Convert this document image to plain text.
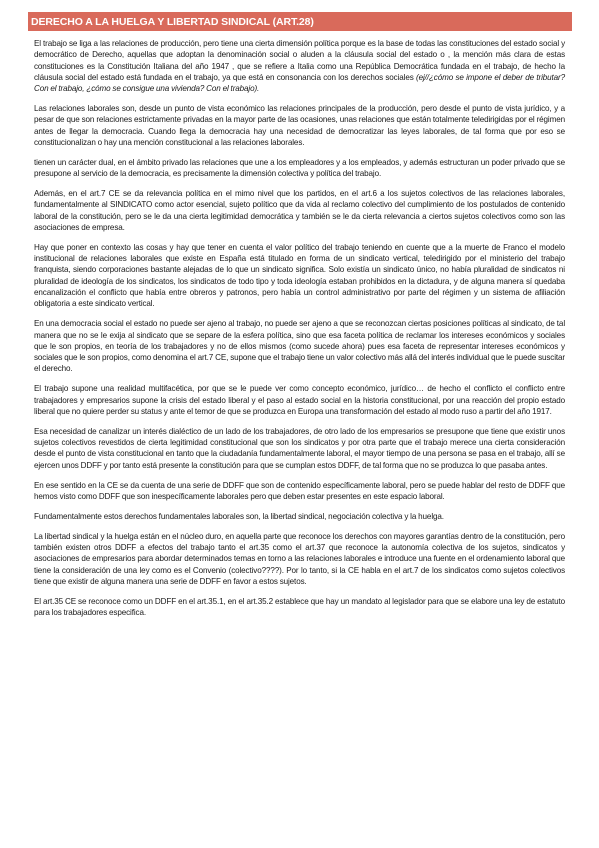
DERECHO A LA HUELGA Y LIBERTAD SINDICAL (ART.28)

El trabajo se liga a las relaciones de producción, pero tiene una cierta dimensión política porque es la base de todas las constituciones del estado social y democrático de Derecho, aquellas que adoptan la denominación social o aluden a la cláusula social del estado o , la mención más clara de estas constituciones es la Constitución Italiana del año 1947 , que se refiere a Italia como una República Democrática fundada en el trabajo, de hecho la cláusula social del estado está fundada en el trabajo, ya que está en consonancia con los derechos sociales (ej//¿cómo se impone el deber de tributar? Con el trabajo, ¿cómo se consigue una vivienda? Con el trabajo).

Las relaciones laborales son, desde un punto de vista económico las relaciones principales de la producción, pero desde el punto de vista jurídico, y a pesar de que son relaciones estrictamente privadas en la mayor parte de las ocasiones, unas relaciones que están totalmente teledirigidas por el régimen antes de llegar la democracia. Cuando llega la democracia hay una necesidad de democratizar las leyes laborales, de tal forma que por eso se constitucionalizan o hay una mención constitucional a las relaciones laborales.

tienen un carácter dual, en el ámbito privado las relaciones que une a los empleadores y a los empleados, y además estructuran un poder privado que se presupone al servicio de la democracia, es precisamente la dimensión colectiva y política del trabajo.

Además, en el art.7 CE se da relevancia política en el mimo nivel que los partidos, en el art.6 a los sujetos colectivos de las relaciones laborales, fundamentalmente al SINDICATO como actor esencial, sujeto político que da vida al reclamo colectivo del cumplimiento de los postulados de contenido laboral de la constitución, pero se le da una cierta legitimidad democrática y también se le da cierta relevancia a ciertos sujetos colectivos como son las asociaciones de empresa.

Hay que poner en contexto las cosas y hay que tener en cuenta el valor político del trabajo teniendo en cuente que a la muerte de Franco el modelo institucional de relaciones laborales que existe en España está titulado en forma de un sindicato vertical, teledirigido por el ministerio del trabajo franquista, siendo corporaciones bastante alejadas de lo que un sindicato significa. Solo existía un sindicato único, no había pluralidad de sindicatos ni pluralidad de ideología de los sindicatos, los sindicatos de todo tipo y toda ideología estaban prohibidos en la dictadura, y de alguna manera sí quedaba encanalización el conflicto que había entre obreros y patronos, pero había un control administrativo por parte del régimen y un sistema de afiliación obligatoria a este sindicato vertical.

En una democracia social el estado no puede ser ajeno al trabajo, no puede ser ajeno a que se reconozcan ciertas posiciones políticas al sindicato, de tal manera que no se le exija al sindicato que se separe de la esfera política, sino que esa faceta política de reclamar los intereses económicos y sociales que le son propios, en teoría de los trabajadores y no de ellos mismos (como sucede ahora) pues esa faceta de representar intereses económicos y sociales que le son propios, como denomina el art.7 CE, supone que el trabajo tiene un valor colectivo más allá del interés individual que le puede suscitar el derecho.

El trabajo supone una realidad multifacética, por que se le puede ver como concepto económico, jurídico… de hecho el conflicto el conflicto entre trabajadores y empresarios supone la crisis del estado liberal y el paso al estado social en la historia constitucional, por una reacción del propio estado liberal que no quiere perder su status y ante el temor de que se produzca en Europa una transformación del estado al modo ruso a partir del año 1917.

Esa necesidad de canalizar un interés dialéctico de un lado de los trabajadores, de otro lado de los empresarios se presupone que tiene que existir unos sujetos colectivos revestidos de cierta legitimidad constitucional que son los sindicatos y por otra parte que el trabajo merece una cierta consideración desde el punto de vista constitucional en tanto que la ciudadanía fundamentalmente laboral, el mayor tiempo de una persona se pasa en el trabajo, allí se ejercen unos DDFF y por tanto está presente la constitución para que se cumplan estos DDFF, de tal forma que no se produzca lo que pasaba antes.

En ese sentido en la CE se da cuenta de una serie de DDFF que son de contenido específicamente laboral, pero se puede hablar del resto de DDFF que hemos visto como DDFF que son inespecíficamente laborales pero que deben estar presentes en este espacio laboral.

Fundamentalmente estos derechos fundamentales laborales son, la libertad sindical, negociación colectiva y la huelga.

La libertad sindical y la huelga están en el núcleo duro, en aquella parte que reconoce los derechos con mayores garantías dentro de la constitución, pero también existen otros DDFF a efectos del trabajo tanto el art.35 como el art.37 que reconoce la autonomía colectiva de los sujetos, sindicatos y asociaciones de empresarios para abordar determinados temas en torno a las relaciones laborales e introduce una fuente en el ordenamiento laboral que tiene la consideración de una ley como es el Convenio (colectivo????). Por lo tanto, si la CE habla en el art.7 de los sindicatos como sujetos colectivos tiene que existir de alguna manera una serie de DDFF en favor a estos sujetos.

El art.35 CE se reconoce como un DDFF en el art.35.1, en el art.35.2 establece que hay un mandato al legislador para que se elabore una ley de estatuto para los trabajadores especifica.
